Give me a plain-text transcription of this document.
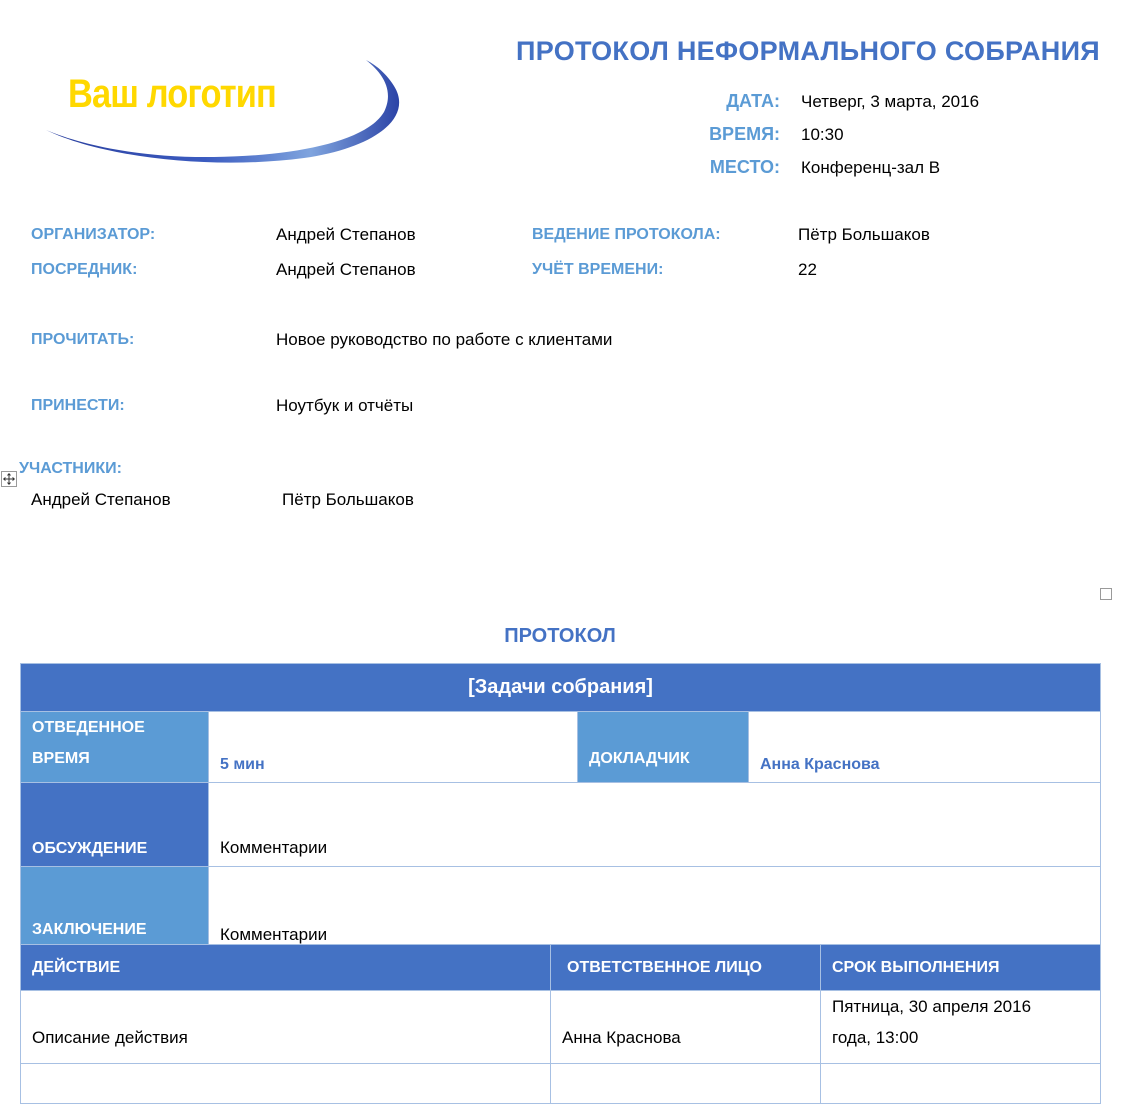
Ваш логотип
ПРОТОКОЛ НЕФОРМАЛЬНОГО СОБРАНИЯ
ДАТА: Четверг, 3 марта, 2016
ВРЕМЯ: 10:30
МЕСТО: Конференц-зал B
ОРГАНИЗАТОР:	Андрей Степанов	ВЕДЕНИЕ ПРОТОКОЛА:	Пётр Большаков
ПОСРЕДНИК:	Андрей Степанов	УЧЁТ ВРЕМЕНИ:	22
ПРОЧИТАТЬ:	Новое руководство по работе с клиентами
ПРИНЕСТИ:	Ноутбук и отчёты
УЧАСТНИКИ:
Андрей Степанов	Пётр Большаков
ПРОТОКОЛ
[Задачи собрания]			

ОТВЕДЕННОЕ
ВРЕМЯ	5 мин	ДОКЛАДЧИК	Анна Краснова
ОБСУЖДЕНИЕ	Комментарии		
ЗАКЛЮЧЕНИЕ	Комментарии		
ДЕЙСТВИЕ	ОТВЕТСТВЕННОЕ ЛИЦО	СРОК ВЫПОЛНЕНИЯ
Описание действия	Анна Краснова	Пятница, 30 апреля 2016
года, 13:00
